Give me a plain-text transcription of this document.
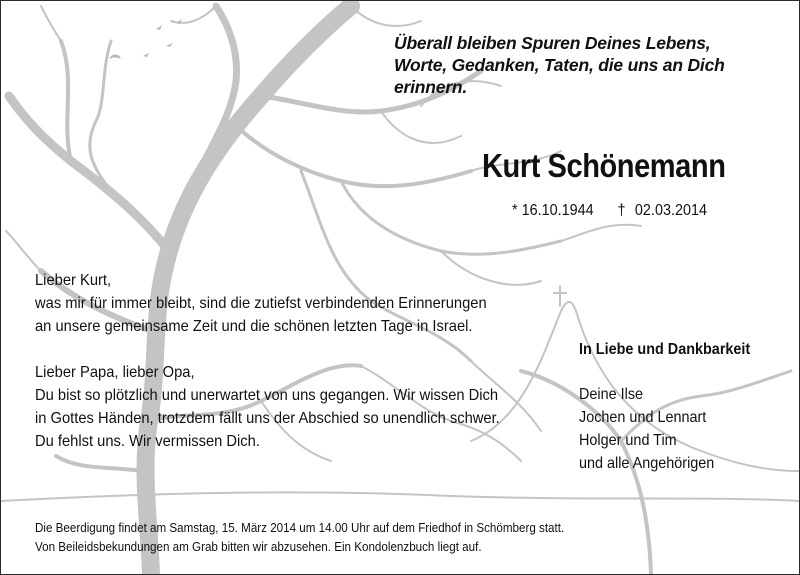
Überall bleiben Spuren Deines Lebens,
Worte, Gedanken, Taten, die uns an Dich erinnern.
Kurt Schönemann
* 16.10.1944 † 02.03.2014
Lieber Kurt,
was mir für immer bleibt, sind die zutiefst verbindenden Erinnerungen
an unsere gemeinsame Zeit und die schönen letzten Tage in Israel.
Lieber Papa, lieber Opa,
Du bist so plötzlich und unerwartet von uns gegangen. Wir wissen Dich
in Gottes Händen, trotzdem fällt uns der Abschied so unendlich schwer.
Du fehlst uns. Wir vermissen Dich.
In Liebe und Dankbarkeit
Deine Ilse
Jochen und Lennart
Holger und Tim
und alle Angehörigen
Die Beerdigung findet am Samstag, 15. März 2014 um 14.00 Uhr auf dem Friedhof in Schömberg statt.
Von Beileidsbekundungen am Grab bitten wir abzusehen. Ein Kondolenzbuch liegt auf.
